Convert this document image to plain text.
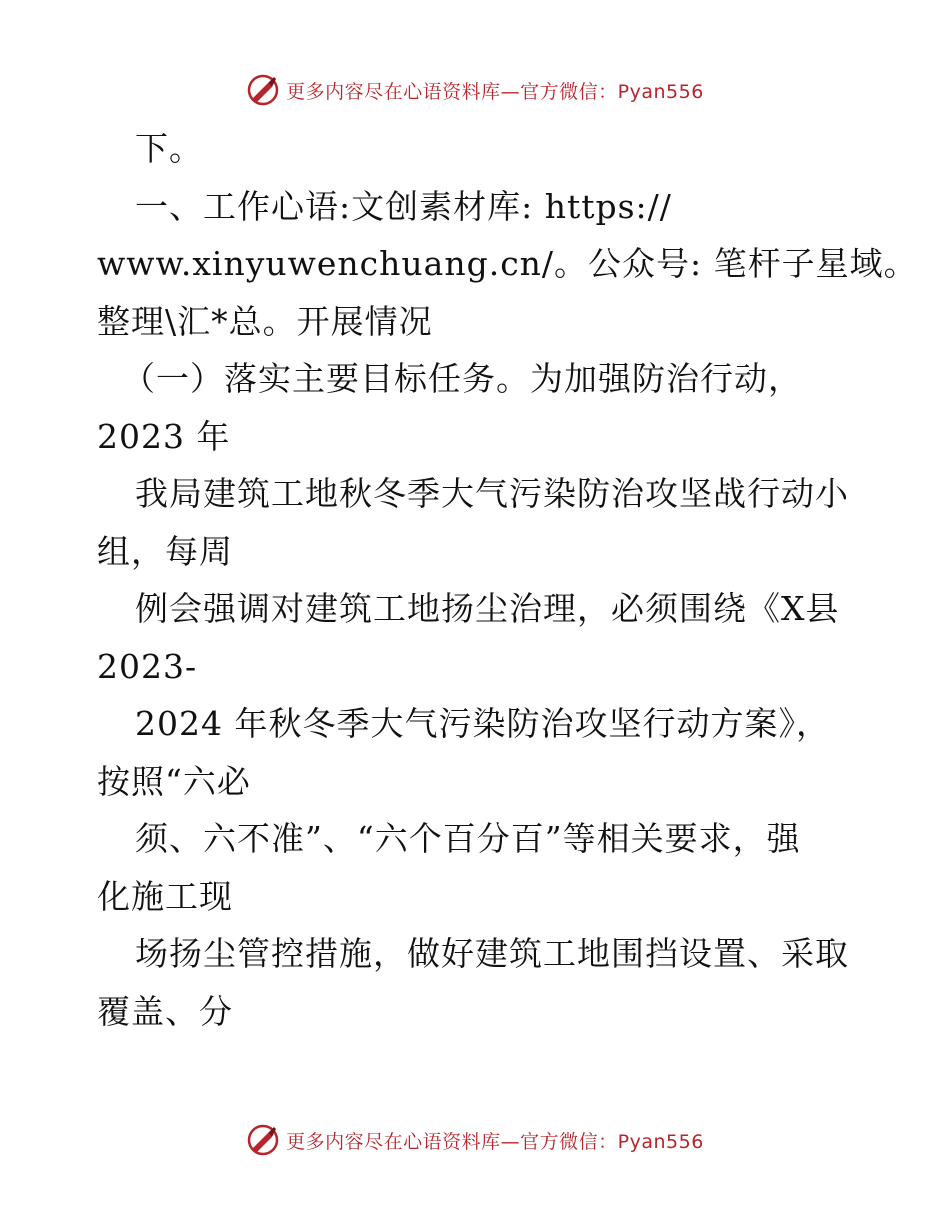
更多内容尽在心语资料库—官方微信：Pyan556
下。
一、工作心语:文创素材库: https://
www.xinyuwenchuang.cn/。公众号: 笔杆子星域。
整理\汇*总。开展情况
（一）落实主要目标任务。为加强防治行动，
2023 年
我局建筑工地秋冬季大气污染防治攻坚战行动小
组，每周
例会强调对建筑工地扬尘治理，必须围绕《X县
2023-
2024 年秋冬季大气污染防治攻坚行动方案》，
按照“六必
须、六不准”、“六个百分百”等相关要求，强
化施工现
场扬尘管控措施，做好建筑工地围挡设置、采取
覆盖、分
更多内容尽在心语资料库—官方微信：Pyan556
